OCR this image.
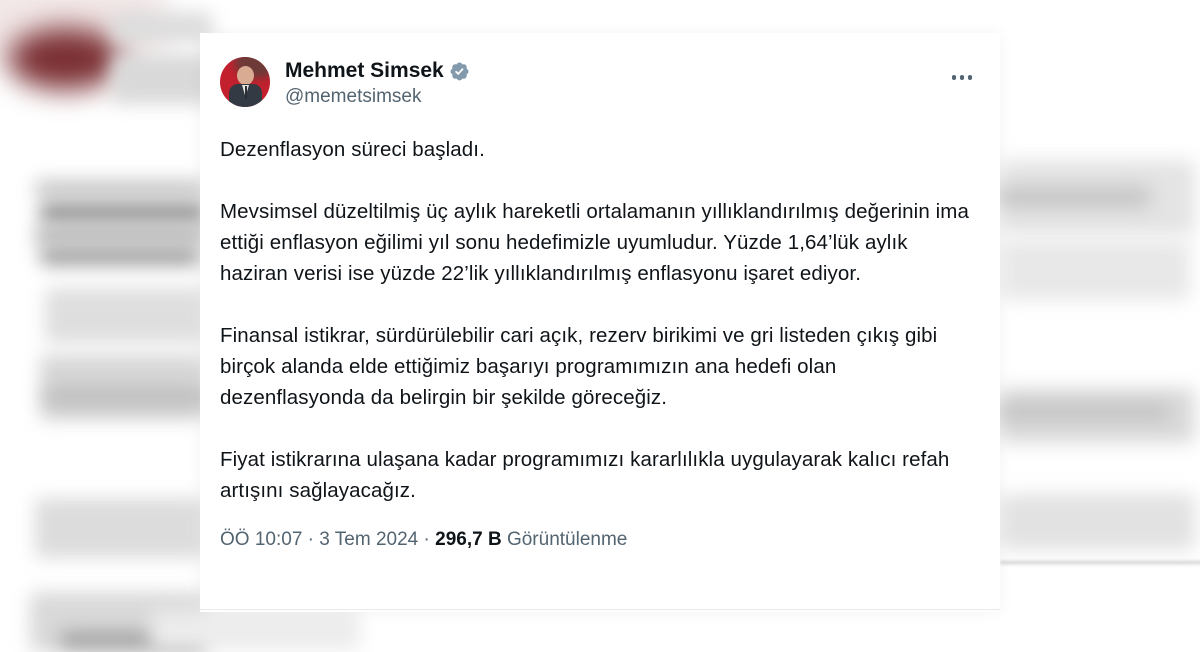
Mehmet Simsek
@memetsimsek

Dezenflasyon süreci başladı.

Mevsimsel düzeltilmiş üç aylık hareketli ortalamanın yıllıklandırılmış değerinin ima ettiği enflasyon eğilimi yıl sonu hedefimizle uyumludur. Yüzde 1,64’lük aylık haziran verisi ise yüzde 22’lik yıllıklandırılmış enflasyonu işaret ediyor.

Finansal istikrar, sürdürülebilir cari açık, rezerv birikimi ve gri listeden çıkış gibi birçok alanda elde ettiğimiz başarıyı programımızın ana hedefi olan dezenflasyonda da belirgin bir şekilde göreceğiz.

Fiyat istikrarına ulaşana kadar programımızı kararlılıkla uygulayarak kalıcı refah artışını sağlayacağız.

ÖÖ 10:07 · 3 Tem 2024 · 296,7 B Görüntülenme
